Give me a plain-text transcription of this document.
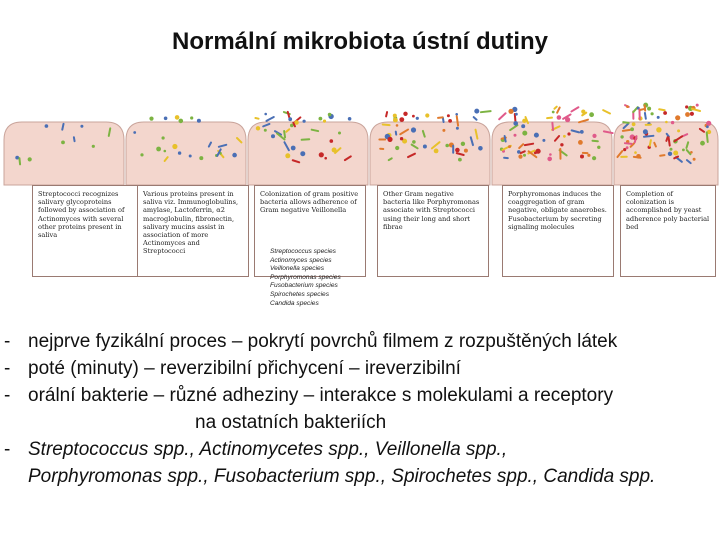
Normální mikrobiota ústní dutiny
Streptococci recognizes salivary glycoproteins followed by association of Actinomyces with several other proteins present in saliva
Various proteins present in saliva viz. Immunoglobulins, amylase, Lactoferrin, α2 macroglobulin, fibronectin, salivary mucins assist in association of more Actinomyces and Streptococci
Colonization of gram positive bacteria allows adherence of Gram negative Veillonella
Other Gram negative bacteria like Porphyromonas associate with Streptococci using their long and short fibrae
Porphyromonas induces the coaggregation of gram negative, obligate anaerobes. Fusobacterium by secreting signaling molecules
Completion of colonization is accomplished by yeast adherence poly bacterial bed
Streptococcus species
Actinomyces species
Veillonella species
Porphyromonas species
Fusobacterium species
Spirochetes species
Candida species
- nejprve fyzikální proces – pokrytí povrchů filmem z rozpuštěných látek
- poté (minuty) – reverzibilní přichycení – ireverzibilní
- orální bakterie – různé adheziny – interakce s molekulami a receptory
na ostatních bakteriích
- Streptococcus spp., Actinomycetes spp., Veillonella spp.,
Porphyromonas spp., Fusobacterium spp., Spirochetes spp., Candida spp.
